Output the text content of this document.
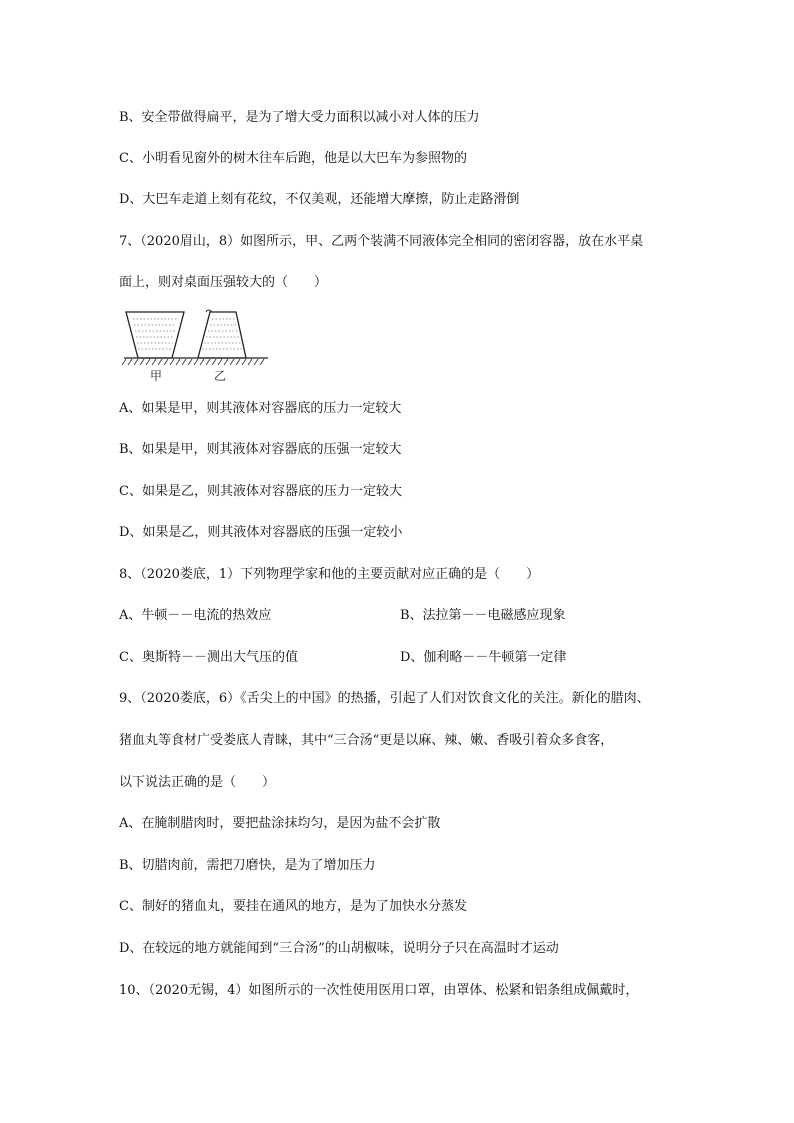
B、安全带做得扁平，是为了增大受力面积以减小对人体的压力
C、小明看见窗外的树木往车后跑，他是以大巴车为参照物的
D、大巴车走道上刻有花纹，不仅美观，还能增大摩擦，防止走路滑倒
7、（2020眉山，8）如图所示，甲、乙两个装满不同液体完全相同的密闭容器，放在水平桌
面上，则对桌面压强较大的（　　）
甲	乙
A、如果是甲，则其液体对容器底的压力一定较大
B、如果是甲，则其液体对容器底的压强一定较大
C、如果是乙，则其液体对容器底的压力一定较大
D、如果是乙，则其液体对容器底的压强一定较小
8、（2020娄底，1）下列物理学家和他的主要贡献对应正确的是（　　）
A、牛顿－－电流的热效应	B、法拉第－－电磁感应现象
C、奥斯特－－测出大气压的值	D、伽利略－－牛顿第一定律
9、（2020娄底，6）《舌尖上的中国》的热播，引起了人们对饮食文化的关注。新化的腊肉、
猪血丸等食材广受娄底人青睐，其中“三合汤“更是以麻、辣、嫩、香吸引着众多食客，
以下说法正确的是（　　）
A、在腌制腊肉时，要把盐涂抹均匀，是因为盐不会扩散
B、切腊肉前，需把刀磨快，是为了增加压力
C、制好的猪血丸，要挂在通风的地方，是为了加快水分蒸发
D、在较远的地方就能闻到“三合汤”的山胡椒味，说明分子只在高温时才运动
10、（2020无锡，4）如图所示的一次性使用医用口罩，由罩体、松紧和铝条组成佩戴时，
